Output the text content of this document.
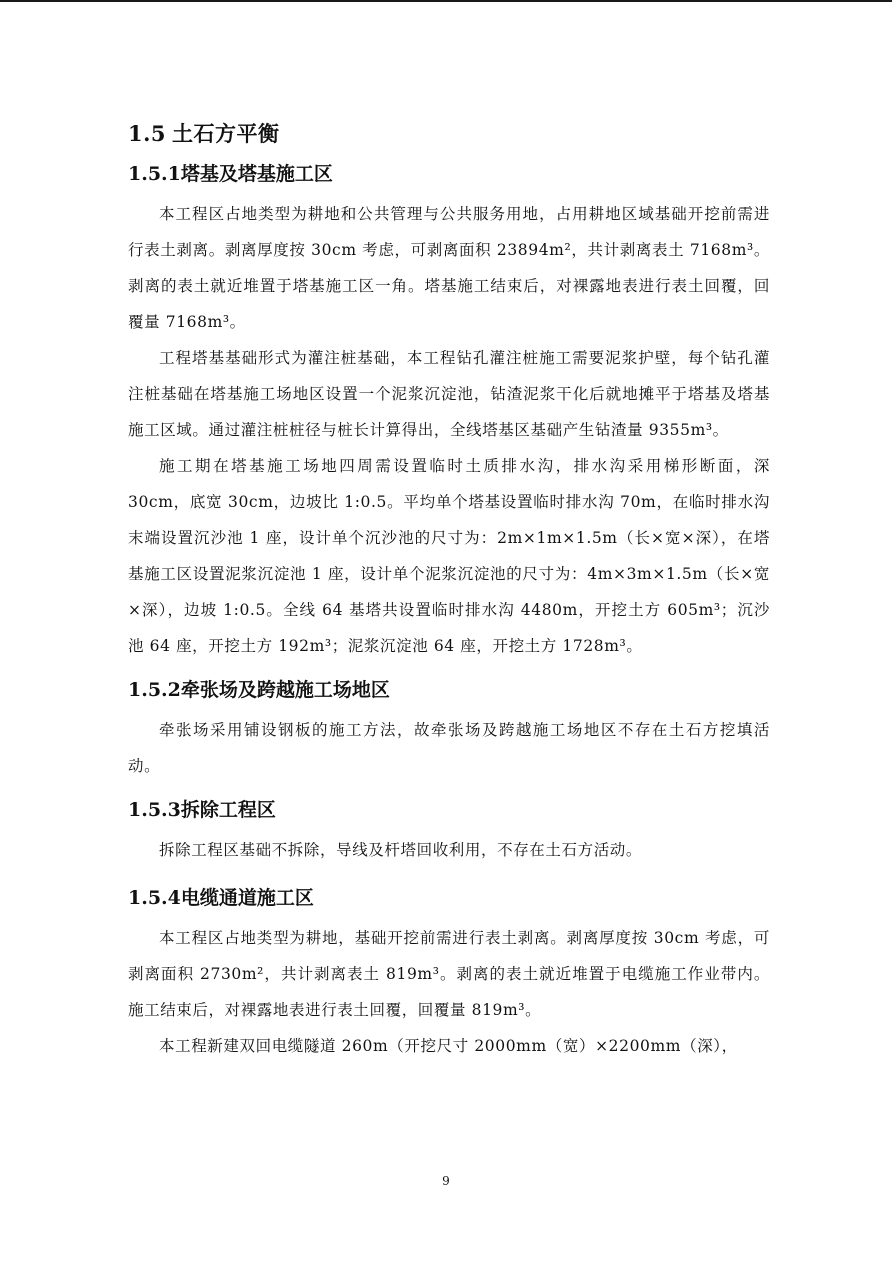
1.5 土石方平衡
1.5.1塔基及塔基施工区

本工程区占地类型为耕地和公共管理与公共服务用地，占用耕地区域基础开挖前需进行表土剥离。剥离厚度按 30cm 考虑，可剥离面积 23894m²，共计剥离表土 7168m³。剥离的表土就近堆置于塔基施工区一角。塔基施工结束后，对裸露地表进行表土回覆，回覆量 7168m³。

工程塔基基础形式为灌注桩基础，本工程钻孔灌注桩施工需要泥浆护壁，每个钻孔灌注桩基础在塔基施工场地区设置一个泥浆沉淀池，钻渣泥浆干化后就地摊平于塔基及塔基施工区域。通过灌注桩桩径与桩长计算得出，全线塔基区基础产生钻渣量 9355m³。

施工期在塔基施工场地四周需设置临时土质排水沟，排水沟采用梯形断面，深 30cm，底宽 30cm，边坡比 1:0.5。平均单个塔基设置临时排水沟 70m，在临时排水沟末端设置沉沙池 1 座，设计单个沉沙池的尺寸为：2m×1m×1.5m（长×宽×深），在塔基施工区设置泥浆沉淀池 1 座，设计单个泥浆沉淀池的尺寸为：4m×3m×1.5m（长×宽×深），边坡 1:0.5。全线 64 基塔共设置临时排水沟 4480m，开挖土方 605m³；沉沙池 64 座，开挖土方 192m³；泥浆沉淀池 64 座，开挖土方 1728m³。

1.5.2牵张场及跨越施工场地区

牵张场采用铺设钢板的施工方法，故牵张场及跨越施工场地区不存在土石方挖填活动。

1.5.3拆除工程区

拆除工程区基础不拆除，导线及杆塔回收利用，不存在土石方活动。

1.5.4电缆通道施工区

本工程区占地类型为耕地，基础开挖前需进行表土剥离。剥离厚度按 30cm 考虑，可剥离面积 2730m²，共计剥离表土 819m³。剥离的表土就近堆置于电缆施工作业带内。施工结束后，对裸露地表进行表土回覆，回覆量 819m³。

本工程新建双回电缆隧道 260m（开挖尺寸 2000mm（宽）×2200mm（深），

9
